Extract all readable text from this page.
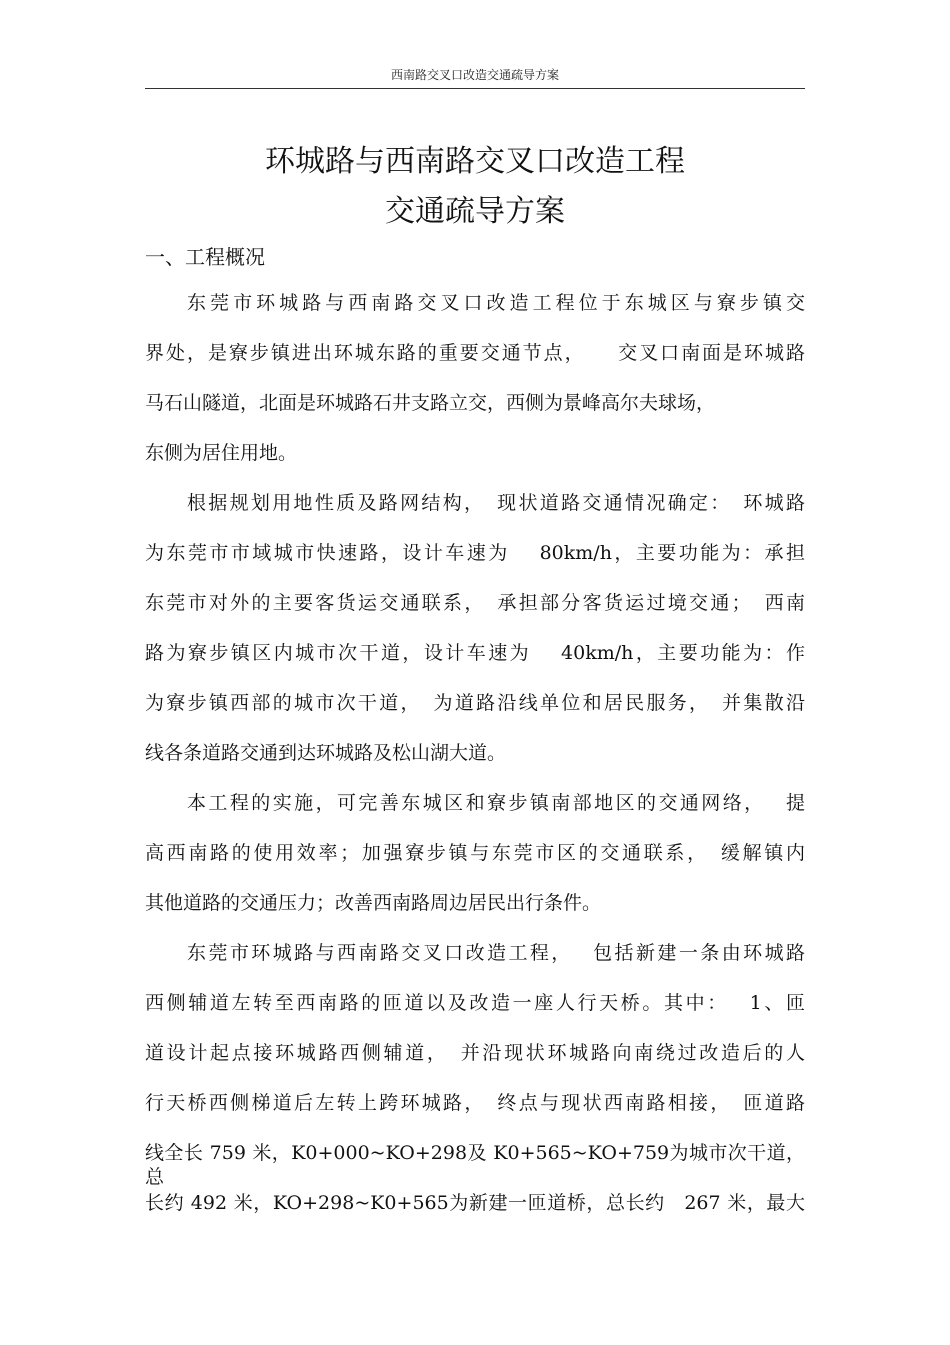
西南路交叉口改造交通疏导方案
环城路与西南路交叉口改造工程
交通疏导方案
一、工程概况
东莞市环城路与西南路交叉口改造工程位于东城区与寮步镇交
界处，是寮步镇进出环城东路的重要交通节点，　　交叉口南面是环城路
马石山隧道，北面是环城路石井支路立交，西侧为景峰高尔夫球场，
东侧为居住用地。
根据规划用地性质及路网结构，　现状道路交通情况确定：　环城路
为东莞市市域城市快速路，设计车速为　 80km/h，主要功能为：承担
东莞市对外的主要客货运交通联系，　承担部分客货运过境交通；　西南
路为寮步镇区内城市次干道，设计车速为　 40km/h，主要功能为：作
为寮步镇西部的城市次干道，　为道路沿线单位和居民服务，　并集散沿
线各条道路交通到达环城路及松山湖大道。
本工程的实施，可完善东城区和寮步镇南部地区的交通网络，　 提
高西南路的使用效率；加强寮步镇与东莞市区的交通联系，　缓解镇内
其他道路的交通压力；改善西南路周边居民出行条件。
东莞市环城路与西南路交叉口改造工程，　 包括新建一条由环城路
西侧辅道左转至西南路的匝道以及改造一座人行天桥。其中：　 1、匝
道设计起点接环城路西侧辅道，　并沿现状环城路向南绕过改造后的人
行天桥西侧梯道后左转上跨环城路，　终点与现状西南路相接，　匝道路
线全长 759 米，K0+000~KO+298及 K0+565~KO+759为城市次干道，总
长约 492 米，KO+298~K0+565为新建一匝道桥，总长约　267 米，最大
